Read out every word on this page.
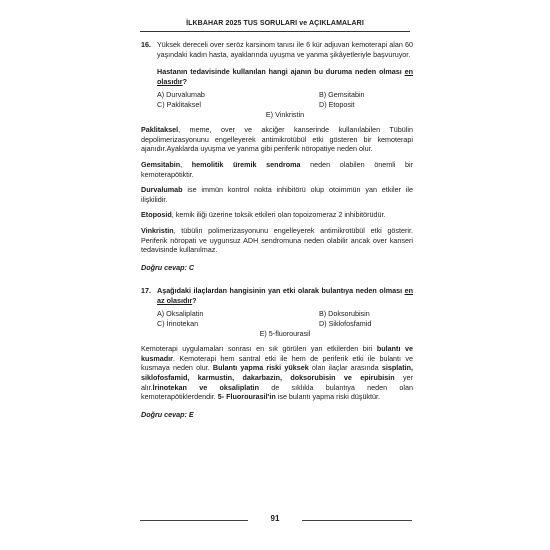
İLKBAHAR 2025 TUS SORULARI ve AÇIKLAMALARI
16. Yüksek dereceli over seröz karsinom tanısı ile 6 kür adjuvan kemoterapi alan 60 yaşındaki kadın hasta, ayaklarında uyuşma ve yanma şikâyetleriyle başvuruyor.
Hastanın tedavisinde kullanılan hangi ajanın bu duruma neden olması en olasıdır?
A) Durvalumab	B) Gemsitabin
C) Paklitaksel	D) Etoposit
E) Vinkristin
Paklitaksel, meme, over ve akciğer kanserinde kullanılabilen Tübülin depolimerizasyonunu engelleyerek antimikrotübül etki gösteren bir kemoterapi ajanıdır.Ayaklarda uyuşma ve yanma gibi periferik nöropatiye neden olur.
Gemsitabin, hemolitik üremik sendroma neden olabilen önemli bir kemoterapötiktir.
Durvalumab ise immün kontrol nokta inhibitörü olup otoimmün yan etkiler ile ilişkilidir.
Etoposid, kemik iliği üzerine toksik etkileri olan topoizomeraz 2 inhibitörüdür.
Vinkristin, tübülin polimerizasyonunu engelleyerek antimikrotübül etki gösterir. Periferik nöropati ve uygunsuz ADH sendromuna neden olabilir ancak over kanseri tedavisinde kullanılmaz.
Doğru cevap: C
17. Aşağıdaki ilaçlardan hangisinin yan etki olarak bulantıya neden olması en az olasıdır?
A) Oksaliplatin	B) Doksorubisin
C) İrinotekan	D) Siklofosfamid
E) 5-fluorourasil
Kemoterapi uygulamaları sonrası en sık görülen yan etkilerden biri bulantı ve kusmadır. Kemoterapi hem santral etki ile hem de periferik etki ile bulantı ve kusmaya neden olur. Bulantı yapma riski yüksek olan ilaçlar arasında sisplatin, siklofosfamid, karmustin, dakarbazin, doksorubisin ve epirubisin yer alır.İrinotekan ve oksaliplatin de sıklıkla bulantıya neden olan kemoterapötiklerdendir. 5- Fluorourasil'in ise bulantı yapma riski düşüktür.
Doğru cevap: E
91
